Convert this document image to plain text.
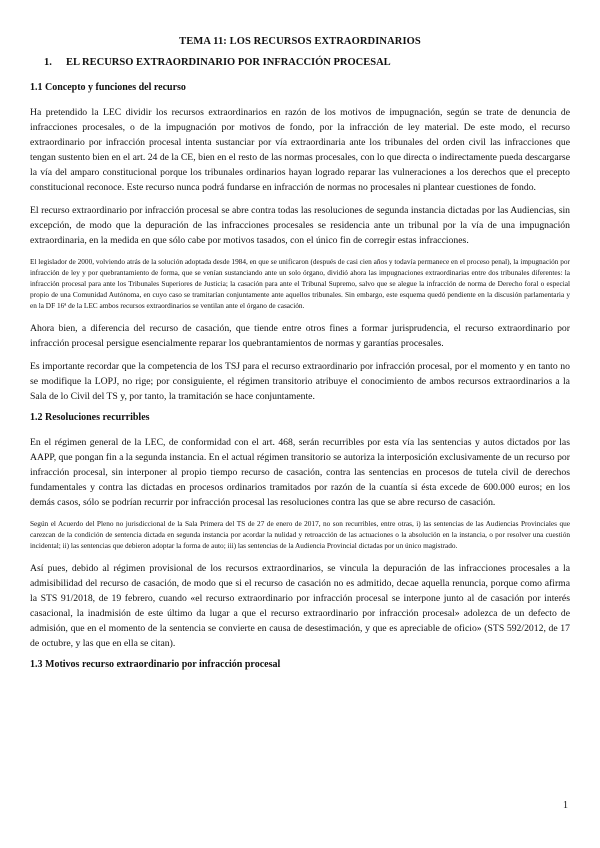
TEMA 11: LOS RECURSOS EXTRAORDINARIOS
1. EL RECURSO EXTRAORDINARIO POR INFRACCIÓN PROCESAL
1.1 Concepto y funciones del recurso

Ha pretendido la LEC dividir los recursos extraordinarios en razón de los motivos de impugnación, según se trate de denuncia de infracciones procesales, o de la impugnación por motivos de fondo, por la infracción de ley material. De este modo, el recurso extraordinario por infracción procesal intenta sustanciar por vía extraordinaria ante los tribunales del orden civil las infracciones que tengan sustento bien en el art. 24 de la CE, bien en el resto de las normas procesales, con lo que directa o indirectamente pueda descargarse la vía del amparo constitucional porque los tribunales ordinarios hayan logrado reparar las vulneraciones a los derechos que el precepto constitucional reconoce. Este recurso nunca podrá fundarse en infracción de normas no procesales ni plantear cuestiones de fondo.

El recurso extraordinario por infracción procesal se abre contra todas las resoluciones de segunda instancia dictadas por las Audiencias, sin excepción, de modo que la depuración de las infracciones procesales se residencia ante un tribunal por la vía de una impugnación extraordinaria, en la medida en que sólo cabe por motivos tasados, con el único fin de corregir estas infracciones.

El legislador de 2000, volviendo atrás de la solución adoptada desde 1984, en que se unificaron (después de casi cien años y todavía permanece en el proceso penal), la impugnación por infracción de ley y por quebrantamiento de forma, que se venían sustanciando ante un solo órgano, dividió ahora las impugnaciones extraordinarias entre dos tribunales diferentes: la infracción procesal para ante los Tribunales Superiores de Justicia; la casación para ante el Tribunal Supremo, salvo que se alegue la infracción de norma de Derecho foral o especial propio de una Comunidad Autónoma, en cuyo caso se tramitarían conjuntamente ante aquellos tribunales. Sin embargo, este esquema quedó pendiente en la discusión parlamentaria y en la DF 16ª de la LEC ambos recursos extraordinarios se ventilan ante el órgano de casación.

Ahora bien, a diferencia del recurso de casación, que tiende entre otros fines a formar jurisprudencia, el recurso extraordinario por infracción procesal persigue esencialmente reparar los quebrantamientos de normas y garantías procesales.

Es importante recordar que la competencia de los TSJ para el recurso extraordinario por infracción procesal, por el momento y en tanto no se modifique la LOPJ, no rige; por consiguiente, el régimen transitorio atribuye el conocimiento de ambos recursos extraordinarios a la Sala de lo Civil del TS y, por tanto, la tramitación se hace conjuntamente.

1.2 Resoluciones recurribles

En el régimen general de la LEC, de conformidad con el art. 468, serán recurribles por esta vía las sentencias y autos dictados por las AAPP, que pongan fin a la segunda instancia. En el actual régimen transitorio se autoriza la interposición exclusivamente de un recurso por infracción procesal, sin interponer al propio tiempo recurso de casación, contra las sentencias en procesos de tutela civil de derechos fundamentales y contra las dictadas en procesos ordinarios tramitados por razón de la cuantía si ésta excede de 600.000 euros; en los demás casos, sólo se podrían recurrir por infracción procesal las resoluciones contra las que se abre recurso de casación.

Según el Acuerdo del Pleno no jurisdiccional de la Sala Primera del TS de 27 de enero de 2017, no son recurribles, entre otras, i) las sentencias de las Audiencias Provinciales que carezcan de la condición de sentencia dictada en segunda instancia por acordar la nulidad y retroacción de las actuaciones o la absolución en la instancia, o por resolver una cuestión incidental; ii) las sentencias que debieron adoptar la forma de auto; iii) las sentencias de la Audiencia Provincial dictadas por un único magistrado.

Así pues, debido al régimen provisional de los recursos extraordinarios, se vincula la depuración de las infracciones procesales a la admisibilidad del recurso de casación, de modo que si el recurso de casación no es admitido, decae aquella renuncia, porque como afirma la STS 91/2018, de 19 febrero, cuando «el recurso extraordinario por infracción procesal se interpone junto al de casación por interés casacional, la inadmisión de este último da lugar a que el recurso extraordinario por infracción procesal» adolezca de un defecto de admisión, que en el momento de la sentencia se convierte en causa de desestimación, y que es apreciable de oficio» (STS 592/2012, de 17 de octubre, y las que en ella se citan).

1.3 Motivos recurso extraordinario por infracción procesal
1
